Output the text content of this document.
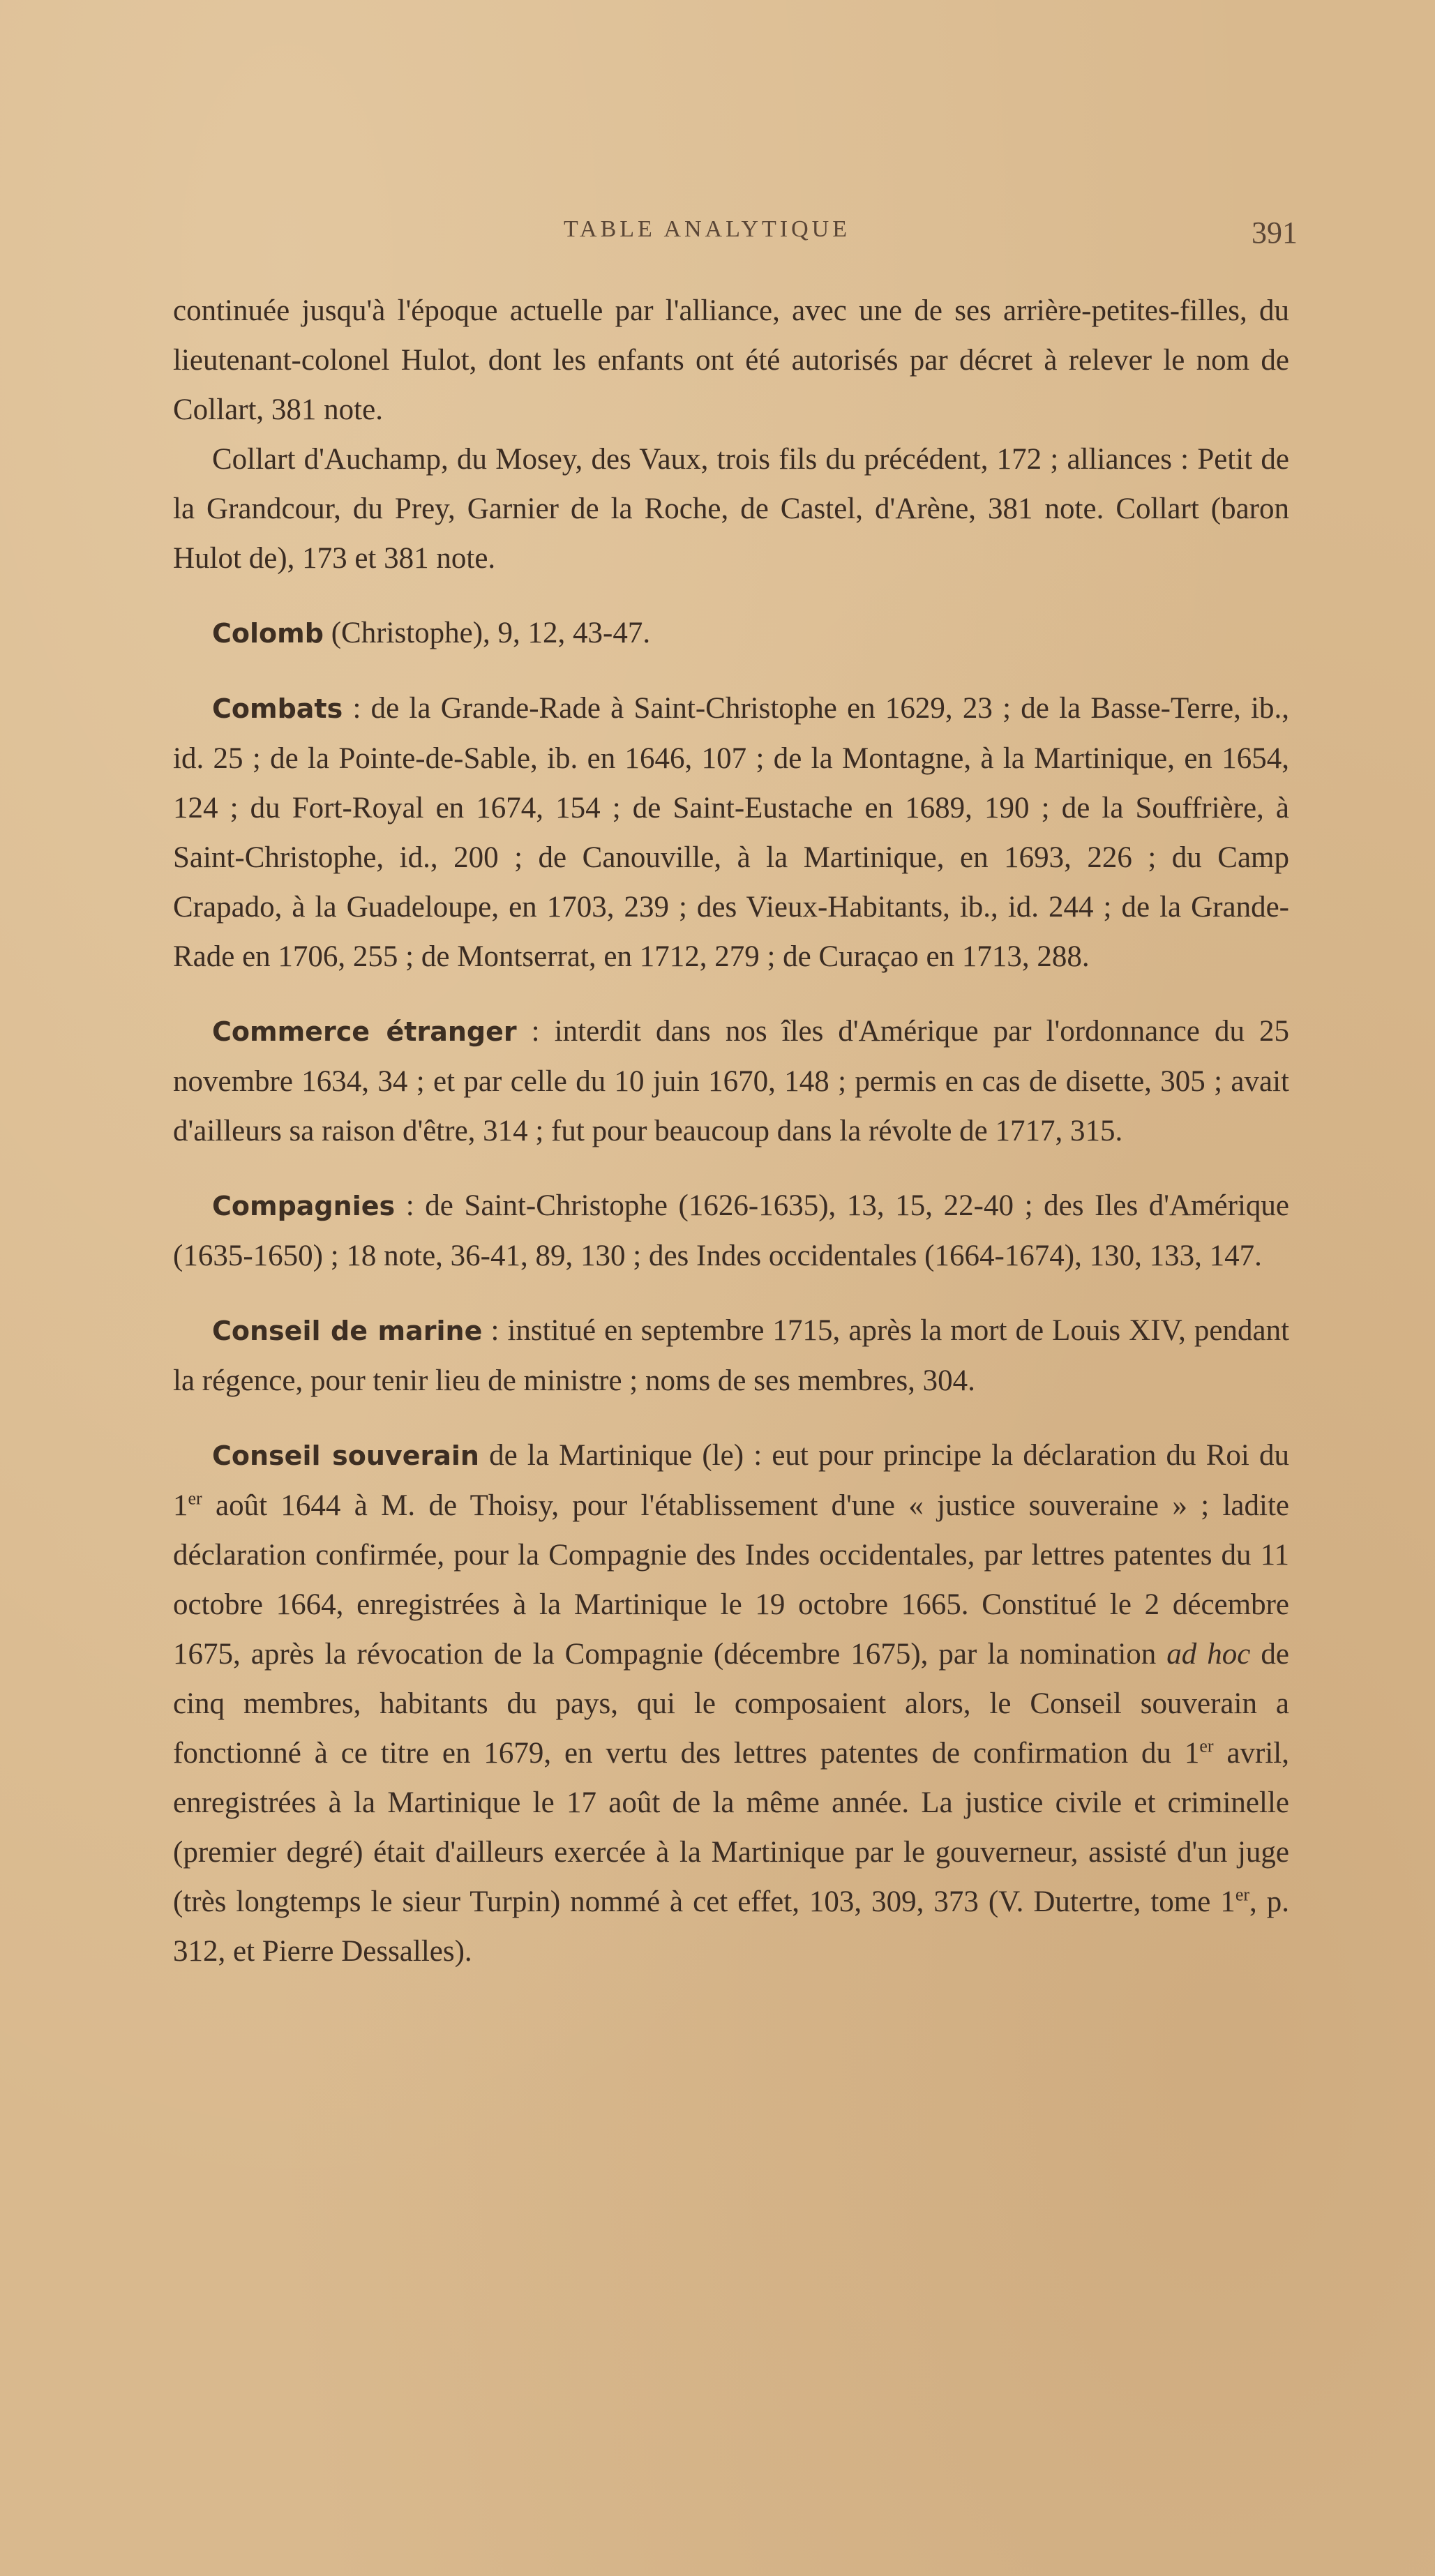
TABLE ANALYTIQUE	391

continuée jusqu'à l'époque actuelle par l'alliance, avec une de ses arrière-petites-filles, du lieutenant-colonel Hulot, dont les enfants ont été autorisés par décret à relever le nom de Collart, 381 note.

Collart d'Auchamp, du Mosey, des Vaux, trois fils du précédent, 172 ; alliances : Petit de la Grandcour, du Prey, Garnier de la Roche, de Castel, d'Arène, 381 note. Collart (baron Hulot de), 173 et 381 note.

Colomb (Christophe), 9, 12, 43-47.

Combats : de la Grande-Rade à Saint-Christophe en 1629, 23 ; de la Basse-Terre, ib., id. 25 ; de la Pointe-de-Sable, ib. en 1646, 107 ; de la Montagne, à la Martinique, en 1654, 124 ; du Fort-Royal en 1674, 154 ; de Saint-Eustache en 1689, 190 ; de la Souffrière, à Saint-Christophe, id., 200 ; de Canouville, à la Martinique, en 1693, 226 ; du Camp Crapado, à la Guadeloupe, en 1703, 239 ; des Vieux-Habitants, ib., id. 244 ; de la Grande-Rade en 1706, 255 ; de Montserrat, en 1712, 279 ; de Curaçao en 1713, 288.

Commerce étranger : interdit dans nos îles d'Amérique par l'ordonnance du 25 novembre 1634, 34 ; et par celle du 10 juin 1670, 148 ; permis en cas de disette, 305 ; avait d'ailleurs sa raison d'être, 314 ; fut pour beaucoup dans la révolte de 1717, 315.

Compagnies : de Saint-Christophe (1626-1635), 13, 15, 22-40 ; des Iles d'Amérique (1635-1650) ; 18 note, 36-41, 89, 130 ; des Indes occidentales (1664-1674), 130, 133, 147.

Conseil de marine : institué en septembre 1715, après la mort de Louis XIV, pendant la régence, pour tenir lieu de ministre ; noms de ses membres, 304.

Conseil souverain de la Martinique (le) : eut pour principe la déclaration du Roi du 1er août 1644 à M. de Thoisy, pour l'établissement d'une « justice souveraine » ; ladite déclaration confirmée, pour la Compagnie des Indes occidentales, par lettres patentes du 11 octobre 1664, enregistrées à la Martinique le 19 octobre 1665. Constitué le 2 décembre 1675, après la révocation de la Compagnie (décembre 1675), par la nomination ad hoc de cinq membres, habitants du pays, qui le composaient alors, le Conseil souverain a fonctionné à ce titre en 1679, en vertu des lettres patentes de confirmation du 1er avril, enregistrées à la Martinique le 17 août de la même année. La justice civile et criminelle (premier degré) était d'ailleurs exercée à la Martinique par le gouverneur, assisté d'un juge (très longtemps le sieur Turpin) nommé à cet effet, 103, 309, 373 (V. Dutertre, tome 1er, p. 312, et Pierre Dessalles).
